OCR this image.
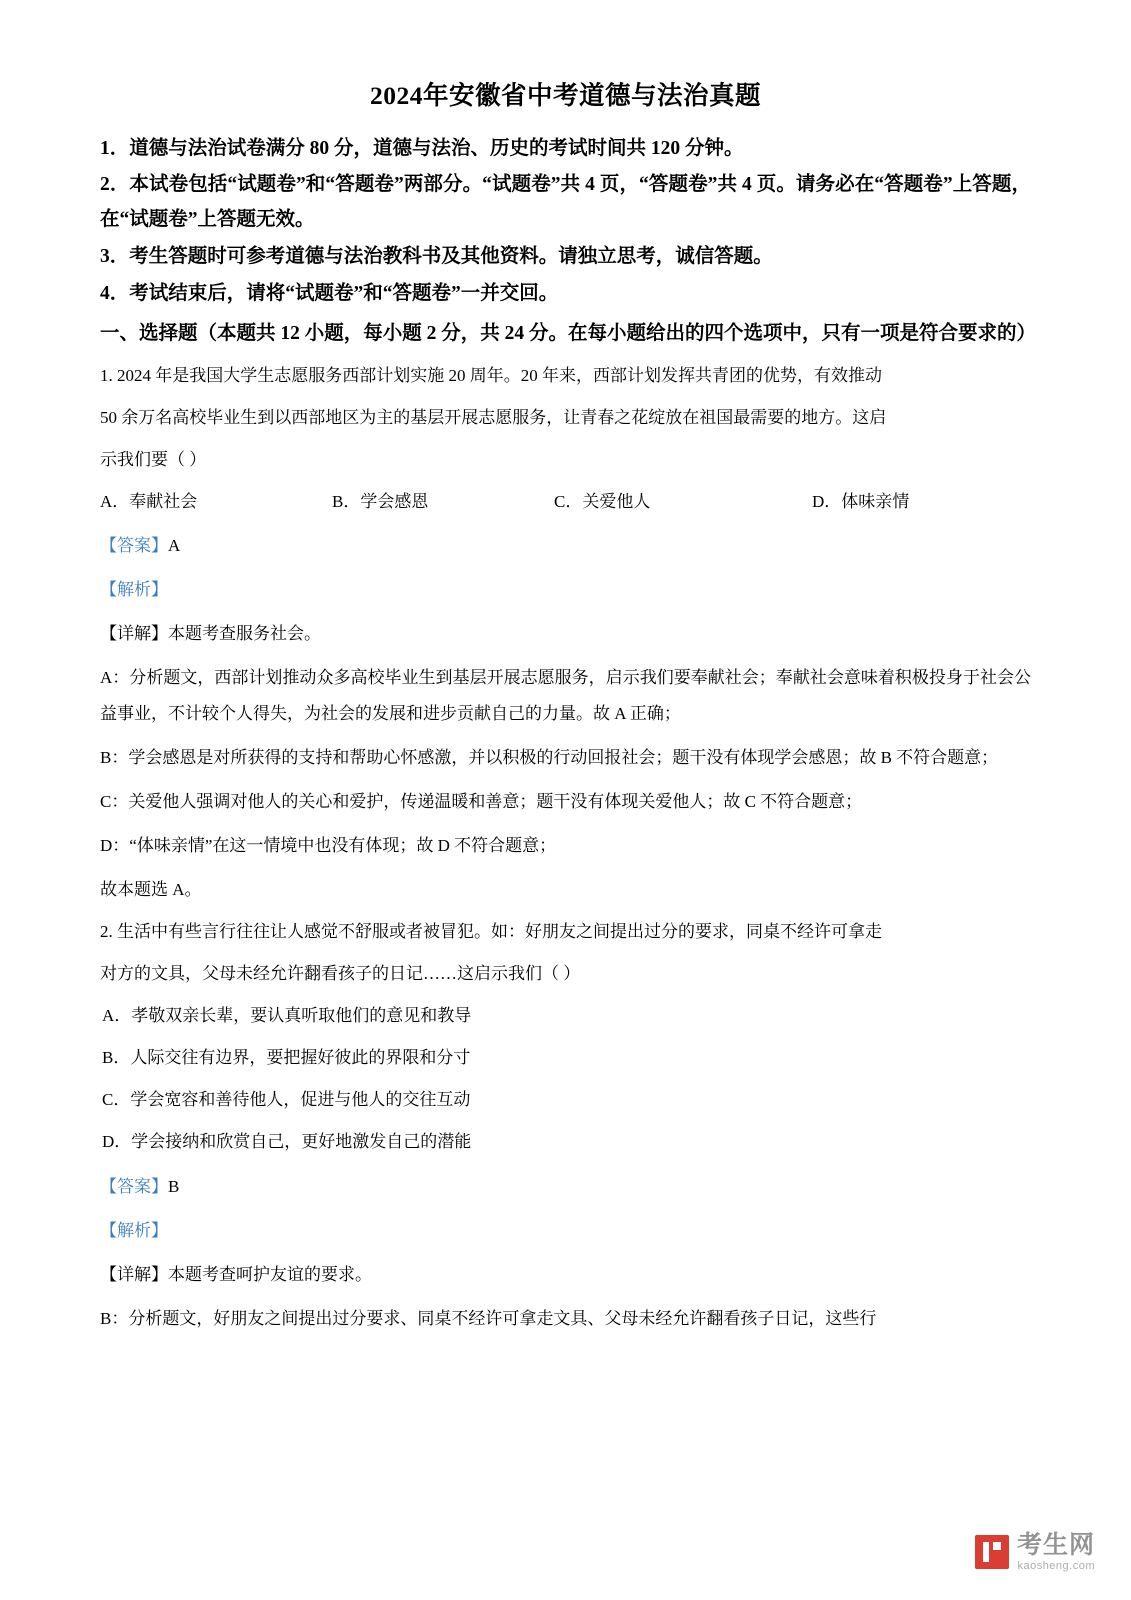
2024年安徽省中考道德与法治真题

1．道德与法治试卷满分 80 分，道德与法治、历史的考试时间共 120 分钟。

2．本试卷包括“试题卷”和“答题卷”两部分。“试题卷”共 4 页，“答题卷”共 4 页。请务必在“答题卷”上答题，在“试题卷”上答题无效。

3．考生答题时可参考道德与法治教科书及其他资料。请独立思考，诚信答题。

4．考试结束后，请将“试题卷”和“答题卷”一并交回。

一、选择题（本题共 12 小题，每小题 2 分，共 24 分。在每小题给出的四个选项中，只有一项是符合要求的）

1. 2024 年是我国大学生志愿服务西部计划实施 20 周年。20 年来，西部计划发挥共青团的优势，有效推动

50 余万名高校毕业生到以西部地区为主的基层开展志愿服务，让青春之花绽放在祖国最需要的地方。这启

示我们要（ ）

A．奉献社会	B．学会感恩	C．关爱他人	D．体味亲情

【答案】A

【解析】

【详解】本题考查服务社会。

A：分析题文，西部计划推动众多高校毕业生到基层开展志愿服务，启示我们要奉献社会；奉献社会意味着积极投身于社会公益事业，不计较个人得失，为社会的发展和进步贡献自己的力量。故 A 正确；

B：学会感恩是对所获得的支持和帮助心怀感激，并以积极的行动回报社会；题干没有体现学会感恩；故 B 不符合题意；

C：关爱他人强调对他人的关心和爱护，传递温暖和善意；题干没有体现关爱他人；故 C 不符合题意；

D：“体味亲情”在这一情境中也没有体现；故 D 不符合题意；

故本题选 A。

2. 生活中有些言行往往让人感觉不舒服或者被冒犯。如：好朋友之间提出过分的要求，同桌不经许可拿走

对方的文具，父母未经允许翻看孩子的日记……这启示我们（ ）

A．孝敬双亲长辈，要认真听取他们的意见和教导

B．人际交往有边界，要把握好彼此的界限和分寸

C．学会宽容和善待他人，促进与他人的交往互动

D．学会接纳和欣赏自己，更好地激发自己的潜能

【答案】B

【解析】

【详解】本题考查呵护友谊的要求。

B：分析题文，好朋友之间提出过分要求、同桌不经许可拿走文具、父母未经允许翻看孩子日记，这些行

考生网
kaosheng.com
